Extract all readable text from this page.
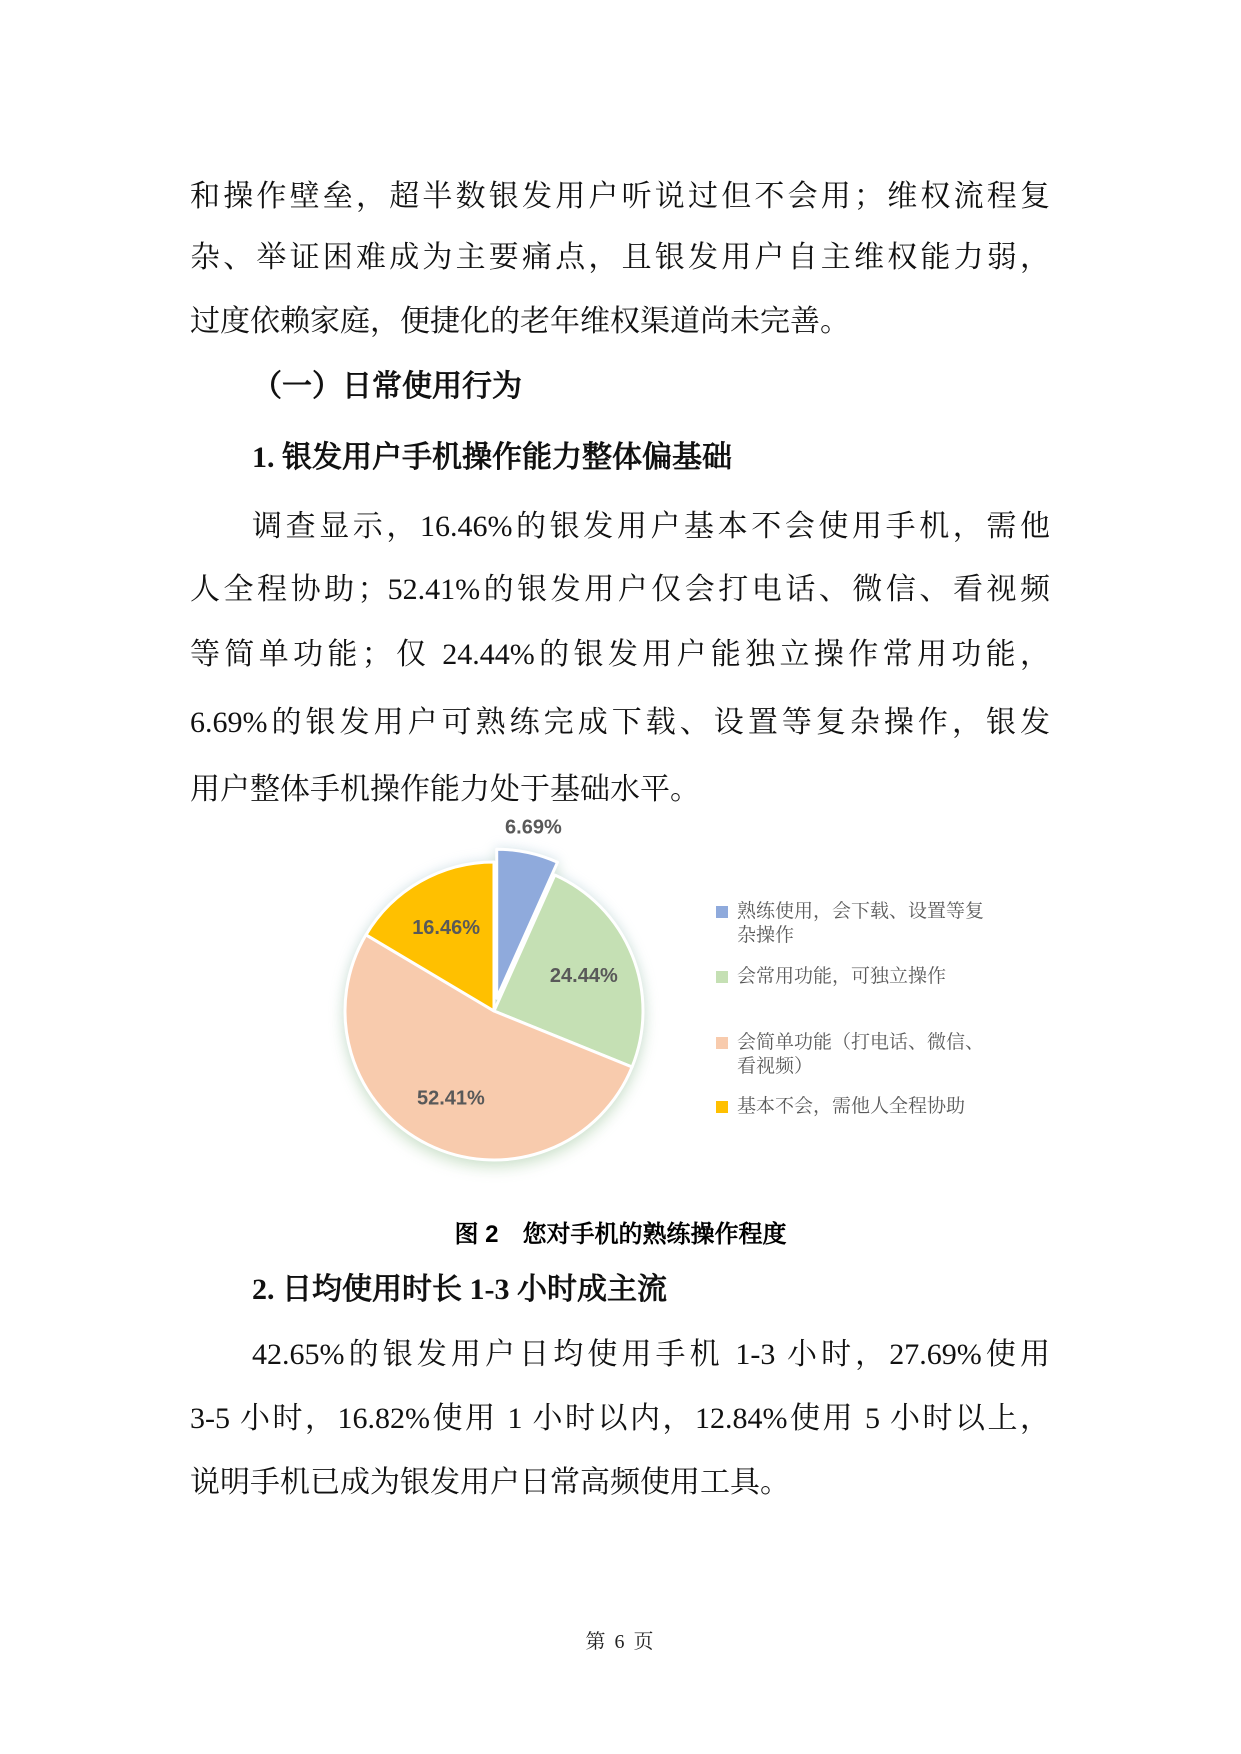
和操作壁垒，超半数银发用户听说过但不会用；维权流程复
杂、举证困难成为主要痛点，且银发用户自主维权能力弱，
过度依赖家庭，便捷化的老年维权渠道尚未完善。
（一）日常使用行为
1. 银发用户手机操作能力整体偏基础
调查显示，16.46%的银发用户基本不会使用手机，需他
人全程协助；52.41%的银发用户仅会打电话、微信、看视频
等简单功能；仅 24.44%的银发用户能独立操作常用功能，
6.69%的银发用户可熟练完成下载、设置等复杂操作，银发
用户整体手机操作能力处于基础水平。
6.69%
24.44%
52.41%
16.46%
熟练使用，会下载、设置等复杂操作
会常用功能，可独立操作
会简单功能（打电话、微信、看视频）
基本不会，需他人全程协助
图 2　您对手机的熟练操作程度
2. 日均使用时长 1-3 小时成主流
42.65%的银发用户日均使用手机 1-3 小时，27.69%使用
3-5 小时，16.82%使用 1 小时以内，12.84%使用 5 小时以上，
说明手机已成为银发用户日常高频使用工具。
第 6 页
